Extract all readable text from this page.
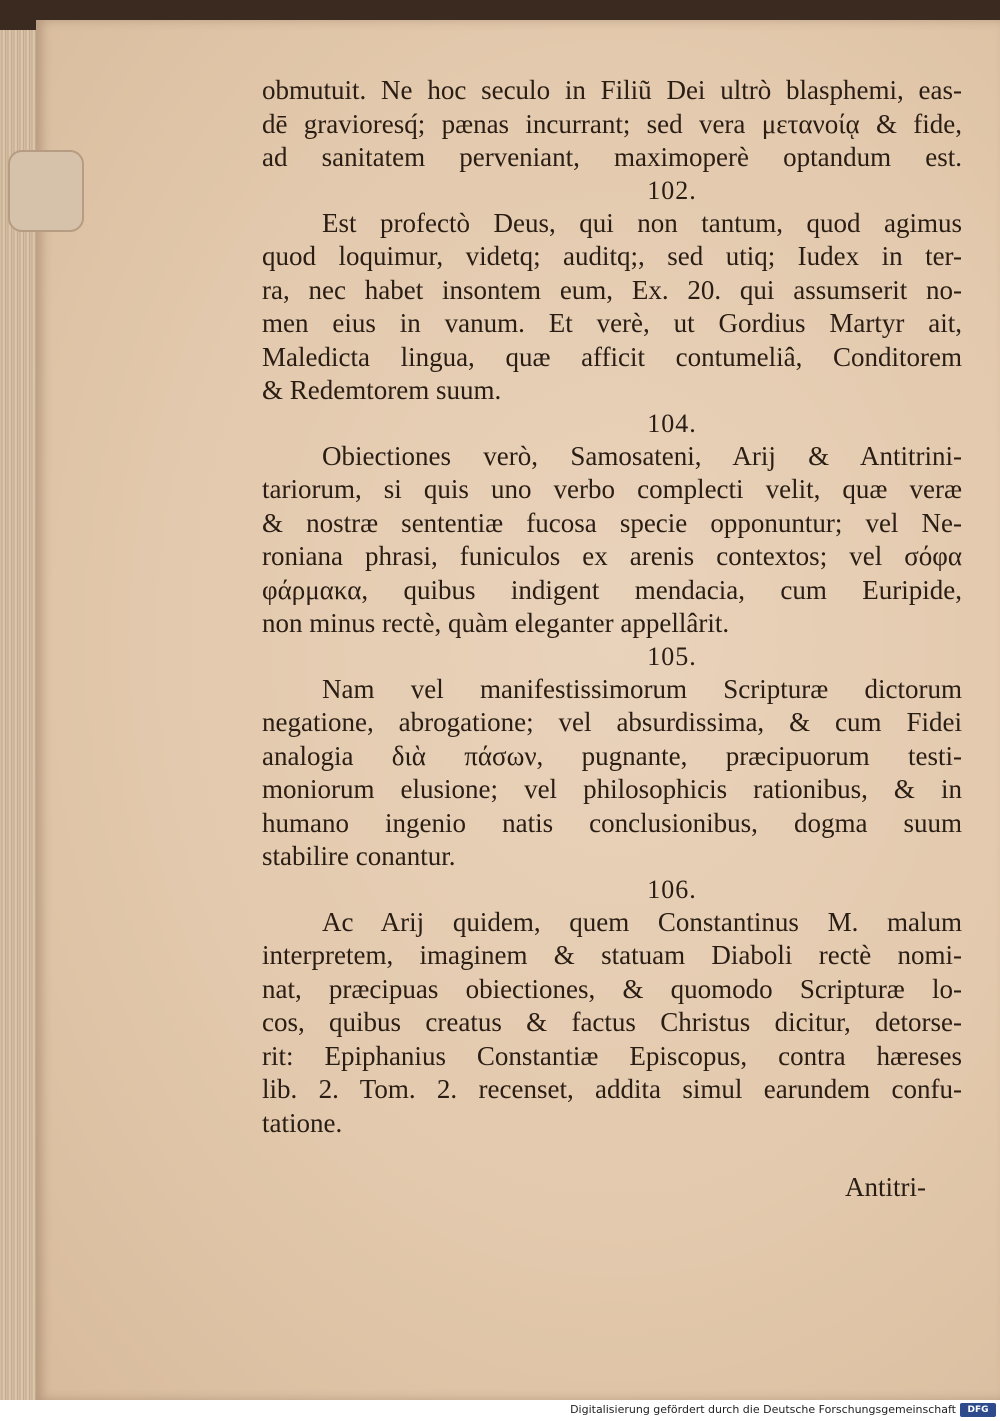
obmutuit. Ne hoc seculo in Filiũ Dei ultrò blasphemi, eas-

dē gravioresq́; pænas incurrant; sed vera μετανοίᾳ & fide,

ad sanitatem perveniant, maximoperè optandum est.

102.

Est profectò Deus, qui non tantum, quod agimus

quod loquimur, videtq; auditq;, sed utiq; Iudex in ter-

ra, nec habet insontem eum, Ex. 20. qui assumserit no-

men eius in vanum. Et verè, ut Gordius Martyr ait,

Maledicta lingua, quæ afficit contumeliâ, Conditorem

& Redemtorem suum.

104.

Obiectiones verò, Samosateni, Arij & Antitrini-

tariorum, si quis uno verbo complecti velit, quæ veræ

& nostræ sententiæ fucosa specie opponuntur; vel Ne-

roniana phrasi, funiculos ex arenis contextos; vel σόφα

φάρμακα, quibus indigent mendacia, cum Euripide,

non minus rectè, quàm eleganter appellârit.

105.

Nam vel manifestissimorum Scripturæ dictorum

negatione, abrogatione; vel absurdissima, & cum Fidei

analogia διὰ πάσων, pugnante, præcipuorum testi-

moniorum elusione; vel philosophicis rationibus, & in

humano ingenio natis conclusionibus, dogma suum

stabilire conantur.

106.

Ac Arij quidem, quem Constantinus M. malum

interpretem, imaginem & statuam Diaboli rectè nomi-

nat, præcipuas obiectiones, & quomodo Scripturæ lo-

cos, quibus creatus & factus Christus dicitur, detorse-

rit: Epiphanius Constantiæ Episcopus, contra hæreses

lib. 2. Tom. 2. recenset, addita simul earundem confu-

tatione.

Antitri-
Digitalisierung gefördert durch die Deutsche Forschungsgemeinschaft	DFG
